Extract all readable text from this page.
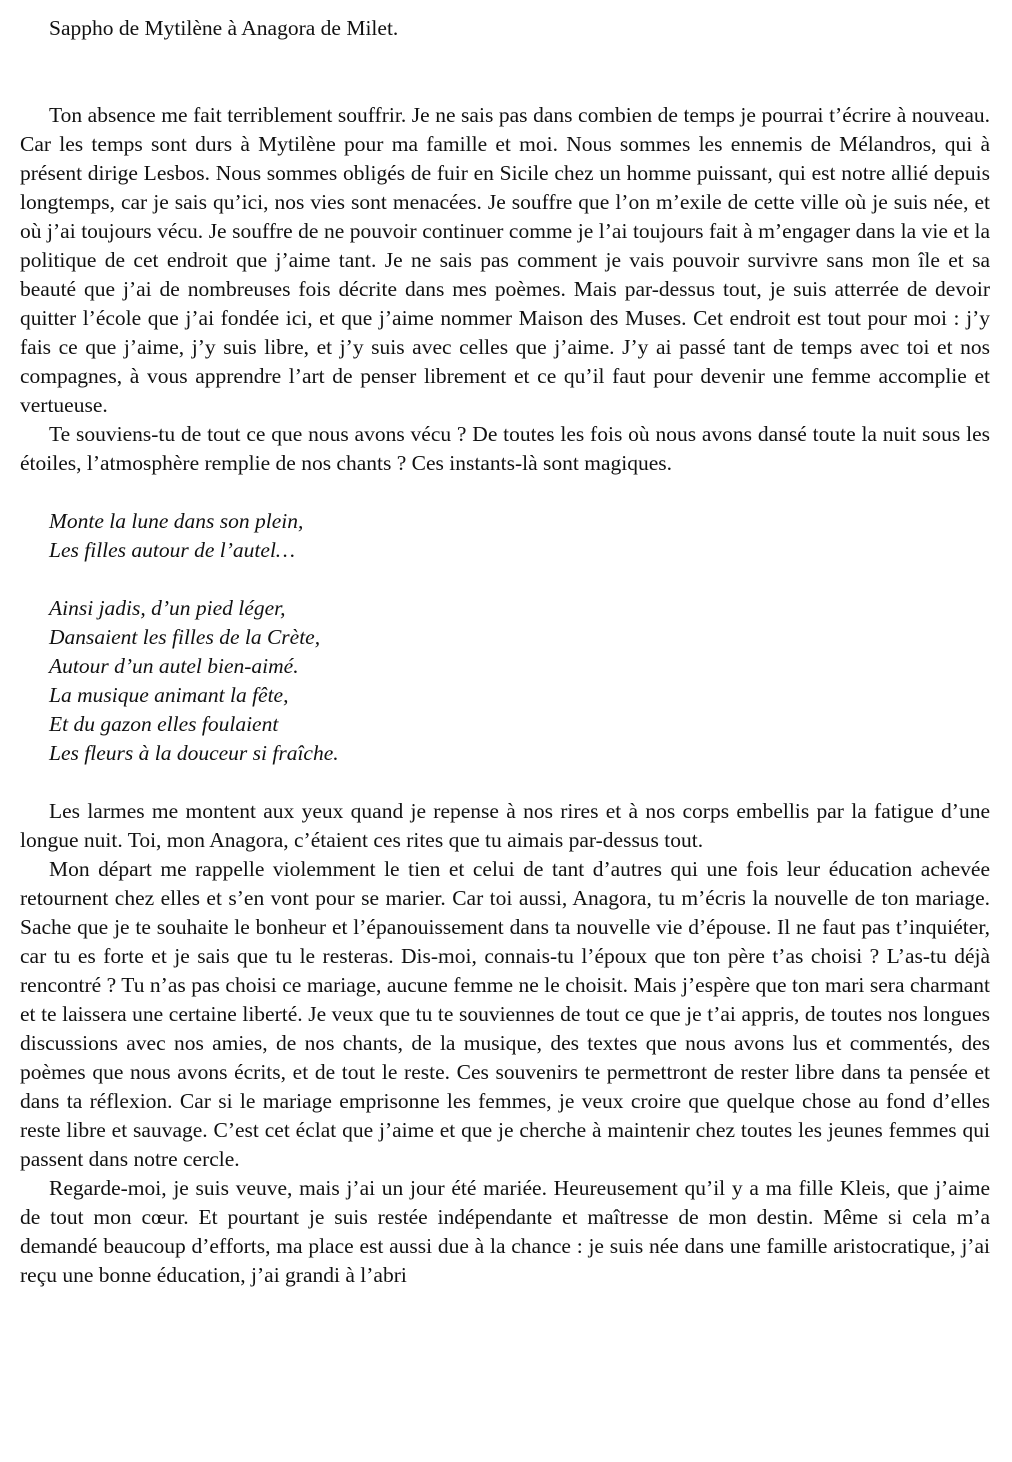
Sappho de Mytilène à Anagora de Milet.

Ton absence me fait terriblement souffrir. Je ne sais pas dans combien de temps je pourrai t’écrire à nouveau. Car les temps sont durs à Mytilène pour ma famille et moi. Nous sommes les ennemis de Mélandros, qui à présent dirige Lesbos. Nous sommes obligés de fuir en Sicile chez un homme puissant, qui est notre allié depuis longtemps, car je sais qu’ici, nos vies sont menacées. Je souffre que l’on m’exile de cette ville où je suis née, et où j’ai toujours vécu. Je souffre de ne pouvoir continuer comme je l’ai toujours fait à m’engager dans la vie et la politique de cet endroit que j’aime tant. Je ne sais pas comment je vais pouvoir survivre sans mon île et sa beauté que j’ai de nombreuses fois décrite dans mes poèmes. Mais par-dessus tout, je suis atterrée de devoir quitter l’école que j’ai fondée ici, et que j’aime nommer Maison des Muses. Cet endroit est tout pour moi : j’y fais ce que j’aime, j’y suis libre, et j’y suis avec celles que j’aime. J’y ai passé tant de temps avec toi et nos compagnes, à vous apprendre l’art de penser librement et ce qu’il faut pour devenir une femme accomplie et vertueuse.

Te souviens-tu de tout ce que nous avons vécu ? De toutes les fois où nous avons dansé toute la nuit sous les étoiles, l’atmosphère remplie de nos chants ? Ces instants-là sont magiques.

Monte la lune dans son plein,
Les filles autour de l’autel…
Ainsi jadis, d’un pied léger,
Dansaient les filles de la Crète,
Autour d’un autel bien-aimé.
La musique animant la fête,
Et du gazon elles foulaient
Les fleurs à la douceur si fraîche.

Les larmes me montent aux yeux quand je repense à nos rires et à nos corps embellis par la fatigue d’une longue nuit. Toi, mon Anagora, c’étaient ces rites que tu aimais par-dessus tout.

Mon départ me rappelle violemment le tien et celui de tant d’autres qui une fois leur éducation achevée retournent chez elles et s’en vont pour se marier. Car toi aussi, Anagora, tu m’écris la nouvelle de ton mariage. Sache que je te souhaite le bonheur et l’épanouissement dans ta nouvelle vie d’épouse. Il ne faut pas t’inquiéter, car tu es forte et je sais que tu le resteras. Dis-moi, connais-tu l’époux que ton père t’as choisi ? L’as-tu déjà rencontré ? Tu n’as pas choisi ce mariage, aucune femme ne le choisit. Mais j’espère que ton mari sera charmant et te laissera une certaine liberté. Je veux que tu te souviennes de tout ce que je t’ai appris, de toutes nos longues discussions avec nos amies, de nos chants, de la musique, des textes que nous avons lus et commentés, des poèmes que nous avons écrits, et de tout le reste. Ces souvenirs te permettront de rester libre dans ta pensée et dans ta réflexion. Car si le mariage emprisonne les femmes, je veux croire que quelque chose au fond d’elles reste libre et sauvage. C’est cet éclat que j’aime et que je cherche à maintenir chez toutes les jeunes femmes qui passent dans notre cercle.

Regarde-moi, je suis veuve, mais j’ai un jour été mariée. Heureusement qu’il y a ma fille Kleis, que j’aime de tout mon cœur. Et pourtant je suis restée indépendante et maîtresse de mon destin. Même si cela m’a demandé beaucoup d’efforts, ma place est aussi due à la chance : je suis née dans une famille aristocratique, j’ai reçu une bonne éducation, j’ai grandi à l’abri
